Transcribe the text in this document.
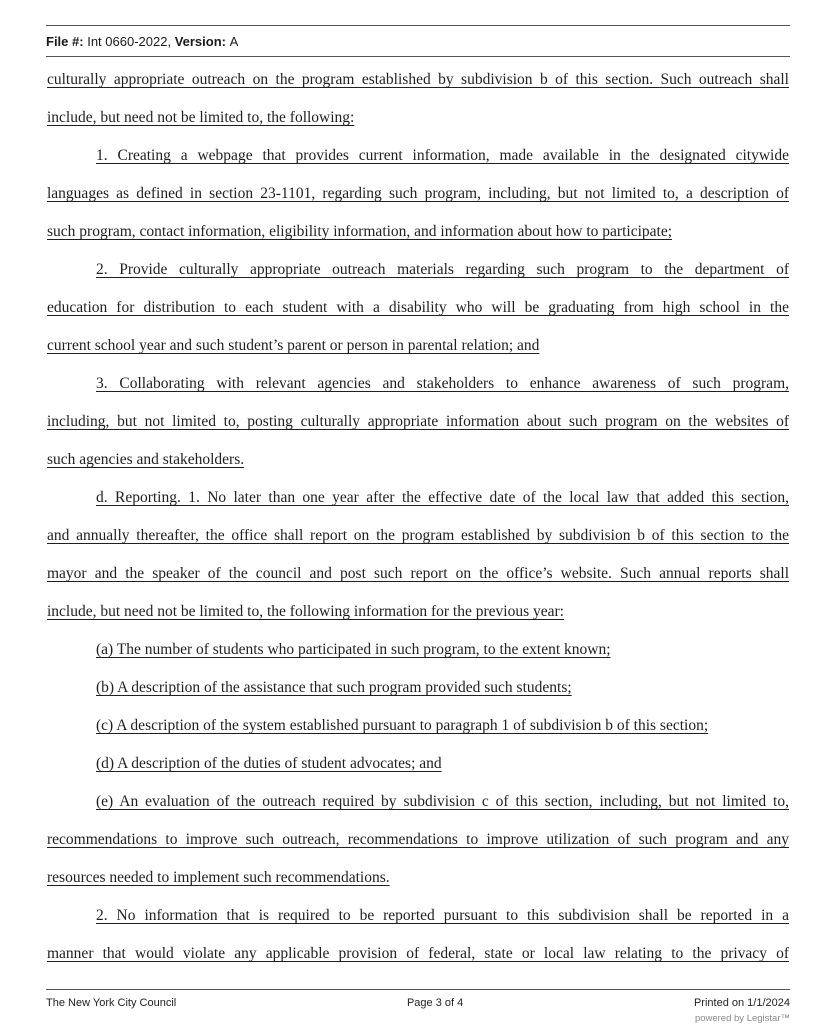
File #:
Int 0660-2022,
Version:
A
culturally appropriate outreach on the program established by subdivision b of this section. Such outreach shall
include, but need not be limited to, the following:
1. Creating a webpage that provides current information, made available in the designated citywide
languages as defined in section 23-1101, regarding such program, including, but not limited to, a description of
such program, contact information, eligibility information, and information about how to participate;
2. Provide culturally appropriate outreach materials regarding such program to the department of
education for distribution to each student with a disability who will be graduating from high school in the
current school year and such student’s parent or person in parental relation; and
3. Collaborating with relevant agencies and stakeholders to enhance awareness of such program,
including, but not limited to, posting culturally appropriate information about such program on the websites of
such agencies and stakeholders.
d. Reporting. 1. No later than one year after the effective date of the local law that added this section,
and annually thereafter, the office shall report on the program established by subdivision b of this section to the
mayor and the speaker of the council and post such report on the office’s website. Such annual reports shall
include, but need not be limited to, the following information for the previous year:
(a) The number of students who participated in such program, to the extent known;
(b) A description of the assistance that such program provided such students;
(c) A description of the system established pursuant to paragraph 1 of subdivision b of this section;
(d) A description of the duties of student advocates; and
(e) An evaluation of the outreach required by subdivision c of this section, including, but not limited to,
recommendations to improve such outreach, recommendations to improve utilization of such program and any
resources needed to implement such recommendations.
2. No information that is required to be reported pursuant to this subdivision shall be reported in a
manner that would violate any applicable provision of federal, state or local law relating to the privacy of
The New York City Council	Page 3 of 4	Printed on 1/1/2024
powered by Legistar™
